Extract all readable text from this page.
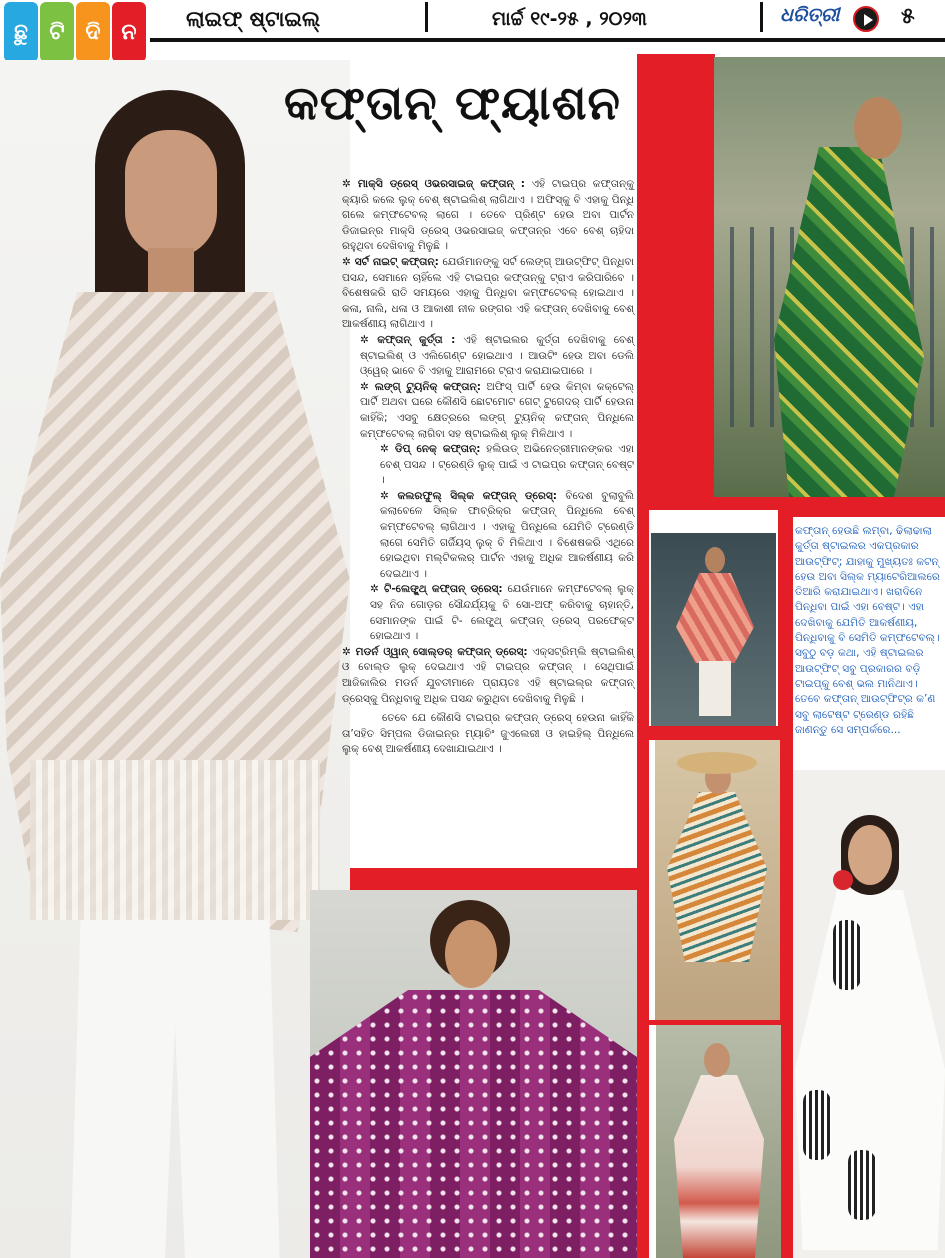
ଛୁ ଟି ଦି ନ
ଲାଇଫ୍ ଷ୍ଟାଇଲ୍	ମାର୍ଚ୍ଚ ୧୯-୨୫ , ୨୦୨୩	ଧରିତ୍ରୀ	୫
କଫ୍‌ତାନ୍ ଫ୍ୟାଶନ

✲ ମାକ୍ସି ଡ୍ରେସ୍ ଓଭରସାଇଜ୍ କଫ୍‌ତାନ୍ : ଏହି ଟାଇପ୍‌ର କଫ୍‌ତାନ୍‌କୁ କ୍ୟାରି କଲେ ଲୁକ୍ ବେଶ୍ ଷ୍ଟାଇଲିଶ୍ ଲାଗିଥାଏ । ଅଫିସ୍‌କୁ ବି ଏହାକୁ ପିନ୍ଧି ଗଲେ କମ୍ଫଟେବଲ୍ ଲାଗେ । ତେବେ ପ୍ରିଣ୍ଟ ହେଉ ଅବା ପାର୍ଟନ ଡିଜାଇନ୍‌ର ମାକ୍ସି ଡ୍ରେସ୍ ଓଭରସାଇଜ୍ କଫ୍‌ତାନ୍‌ର ଏବେ ବେଶ୍ ଚାହିଦା ରହୁଥିବା ଦେଖିବାକୁ ମିଳୁଛି ।

✲ ସର୍ଟ ନାଇଟ୍ କଫ୍‌ତାନ୍: ଯେଉଁମାନଙ୍କୁ ସର୍ଟ ଲେଙ୍ଗ୍ ଆଉଟ୍‌ଫିଟ୍ ପିନ୍ଧିବା ପସନ୍ଦ, ସେମାନେ ଚାହିଁଲେ ଏହି ଟାଇପ୍‌ର କଫ୍‌ତାନ୍‌କୁ ଟ୍ରାଏ କରିପାରିବେ । ବିଶେଷକରି ରାତି ସମୟରେ ଏହାକୁ ପିନ୍ଧିବା କମ୍ଫଟେବଲ୍ ହୋଇଥାଏ । କଳା, ନାଲି, ଧଳା ଓ ଆକାଶୀ ନୀଳ ରଙ୍ଗର ଏହି କଫ୍‌ତାନ୍ ଦେଖିବାକୁ ବେଶ୍ ଆକର୍ଷଣୀୟ ଲାଗିଥାଏ ।

✲ କଫ୍‌ତାନ୍ କୁର୍ତ୍ତା : ଏହି ଷ୍ଟାଇଲର କୁର୍ତ୍ତା ଦେଖିବାକୁ ବେଶ୍ ଷ୍ଟାଇଲିଶ୍ ଓ ଏଲିଗେଣ୍ଟ ହୋଇଥାଏ । ଆଉଟିଂ ହେଉ ଅବା ଡେଲି ଓ୍ୱେର୍ ଭାବେ ବି ଏହାକୁ ଆରାମରେ ଟ୍ରାଏ କରାଯାଇପାରେ ।

✲ ଲଙ୍ଗ୍ ଟ୍ୟୁନିକ୍ କଫ୍‌ତାନ୍: ଅଫିସ୍ ପାର୍ଟି ହେଉ କିମ୍ବା କକ୍‌ଟେଲ୍ ପାର୍ଟି ଅଥବା ଘରେ କୌଣସି ଛୋଟମୋଟ ଗେଟ୍ ଟୁଗେଦର୍ ପାର୍ଟି ହେଉନା କାହିଁକି; ଏସବୁ କ୍ଷେତ୍ରରେ ଲଙ୍ଗ୍ ଟ୍ୟୁନିକ୍ କଫ୍‌ତାନ୍ ପିନ୍ଧିଲେ କମ୍ଫଟେବଲ୍ ଲାଗିବା ସହ ଷ୍ଟାଇଲିଶ୍ ଲୁକ୍ ମିଳିଥାଏ ।

✲ ଡିପ୍ ନେକ୍ କଫ୍‌ତାନ୍: ହଲିଉଡ୍ ଅଭିନେତ୍ରୀମାନଙ୍କର ଏହା ବେଶ୍ ପସନ୍ଦ । ଟ୍ରେଣ୍ଡି ଲୁକ୍ ପାଇଁ ଏ ଟାଇପ୍‌ର କଫ୍‌ତାନ୍ ବେଷ୍ଟ ।

✲ କଲରଫୁଲ୍ ସିଲ୍କ କଫ୍‌ତାନ୍ ଡ୍ରେସ୍: ବିଦେଶ ବୁଲାବୁଲି କଲାବେଳେ ସିଲ୍କ ଫାବ୍ରିକ୍‌ର କଫ୍‌ତାନ୍ ପିନ୍ଧିଲେ ବେଶ୍ କମ୍ଫଟେବଲ୍ ଲାଗିଥାଏ । ଏହାକୁ ପିନ୍ଧିଲେ ଯେମିତି ଟ୍ରେଣ୍ଡି ଲାଗେ ସେମିତି ଗର୍ଜିୟସ୍ ଲୁକ୍ ବି ମିଳିଥାଏ । ବିଶେଷକରି ଏଥିରେ ହୋଇଥିବା ମଲ୍ଟିକଲର୍ ପାର୍ଟନ ଏହାକୁ ଅଧିକ ଆକର୍ଷଣୀୟ କରି ଦେଇଥାଏ ।

✲ ଟି-ଲେଙ୍ଗ୍ଥ୍ କଫ୍‌ତାନ୍ ଡ୍ରେସ୍: ଯେଉଁମାନେ କମ୍ଫଟେବଲ୍ ଲୁକ୍ ସହ ନିଜ ଗୋଡ଼ର ସୌନ୍ଦର୍ଯ୍ୟକୁ ବି ସୋ-ଅଫ୍ କରିବାକୁ ଚାହାନ୍ତି, ସେମାନଙ୍କ ପାଇଁ ଟି- ଲେଙ୍ଗ୍ଥ୍ କଫ୍‌ତାନ୍ ଡ୍ରେସ୍ ପରଫେକ୍ଟ ହୋଇଥାଏ ।

✲ ମଡର୍ନ ଓ୍ୱାନ୍ ସୋଲ୍ଡର୍ କଫ୍‌ତାନ୍ ଡ୍ରେସ୍: ଏକ୍ସଟ୍ରିମ୍ଲି ଷ୍ଟାଇଲିଶ୍ ଓ ବୋଲ୍ଡ ଲୁକ୍ ଦେଇଥାଏ ଏହି ଟାଇପ୍‌ର କଫ୍‌ତାନ୍ । ସେଥିପାଇଁ ଆଜିକାଲିର ମଡର୍ନ ଯୁବତୀମାନେ ପ୍ରାୟତଃ ଏହି ଷ୍ଟାଇଲ୍‌ର କଫ୍‌ତାନ୍ ଡ୍ରେସ୍‌କୁ ପିନ୍ଧିବାକୁ ଅଧିକ ପସନ୍ଦ କରୁଥିବା ଦେଖିବାକୁ ମିଳୁଛି ।

ତେବେ ଯେ କୌଣସି ଟାଇପ୍‌ର କଫ୍‌ତାନ୍ ଡ୍ରେସ୍ ହେଉନା କାହିଁକି ତା’ସହିତ ସିମ୍ପଲ ଡିଜାଇନ୍‌ର ମ୍ୟାଚିଂ ଜୁଏଲେରୀ ଓ ହାଇହିଲ୍ ପିନ୍ଧିଲେ ଲୁକ୍ ବେଶ୍ ଆକର୍ଷଣୀୟ ଦେଖାଯାଇଥାଏ ।

କଫ୍‌ତାନ୍ ହେଉଛି ଲମ୍ବା, ଢିଲାଢାଲା କୁର୍ତ୍ତା ଷ୍ଟାଇଲର ଏକପ୍ରକାର ଆଉଟ୍‌ଫିଟ୍; ଯାହାକୁ ମୁଖ୍ୟତଃ କଟନ୍ ହେଉ ଅବା ସିଲ୍କ ମ୍ୟାଟେରିଆଲରେ ତିଆରି କରାଯାଇଥାଏ। ଖରାଦିନେ ପିନ୍ଧିବା ପାଇଁ ଏହା ବେଷ୍ଟ। ଏହା ଦେଖିବାକୁ ଯେମିତି ଆକର୍ଷଣୀୟ, ପିନ୍ଧିବାକୁ ବି ସେମିତି କମ୍ଫଟେବଲ୍। ସବୁଠୁ ବଡ଼ କଥା, ଏହି ଷ୍ଟାଇଲର ଆଉଟ୍‌ଫିଟ୍ ସବୁ ପ୍ରକାରର ବଡ଼ି ଟାଇପ୍‌କୁ ବେଶ୍ ଭଲ ମାନିଥାଏ। ତେବେ କଫ୍‌ତାନ୍ ଆଉଟ୍‌ଫିଟ୍‌ର କ’ଣ ସବୁ ଲାଟେଷ୍ଟ ଟ୍ରେଣ୍ଡ ରହିଛି ଜାଣନ୍ତୁ ସେ ସମ୍ପର୍କରେ...
